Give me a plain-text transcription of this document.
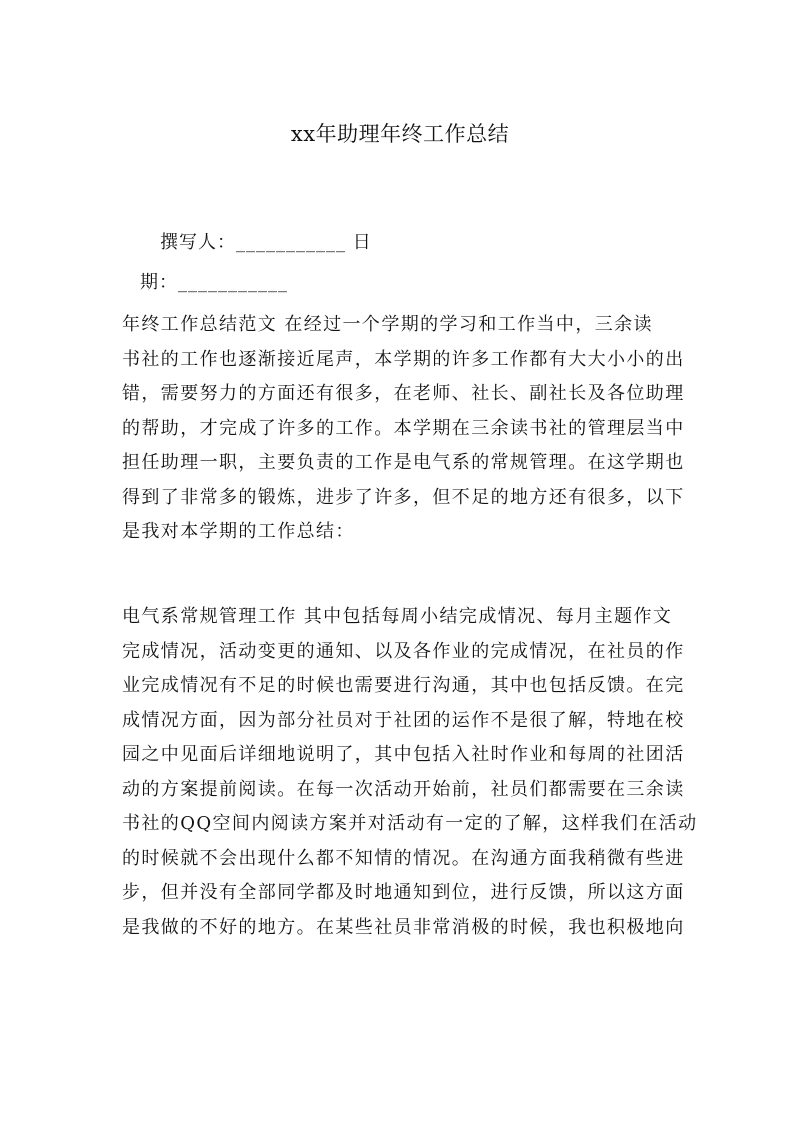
xx年助理年终工作总结
撰写人：___________ 日
期：___________
年终工作总结范文 在经过一个学期的学习和工作当中，三余读
书社的工作也逐渐接近尾声，本学期的许多工作都有大大小小的出
错，需要努力的方面还有很多，在老师、社长、副社长及各位助理
的帮助，才完成了许多的工作。本学期在三余读书社的管理层当中
担任助理一职，主要负责的工作是电气系的常规管理。在这学期也
得到了非常多的锻炼，进步了许多，但不足的地方还有很多，以下
是我对本学期的工作总结：
电气系常规管理工作 其中包括每周小结完成情况、每月主题作文
完成情况，活动变更的通知、以及各作业的完成情况，在社员的作
业完成情况有不足的时候也需要进行沟通，其中也包括反馈。在完
成情况方面，因为部分社员对于社团的运作不是很了解，特地在校
园之中见面后详细地说明了，其中包括入社时作业和每周的社团活
动的方案提前阅读。在每一次活动开始前，社员们都需要在三余读
书社的QQ空间内阅读方案并对活动有一定的了解，这样我们在活动
的时候就不会出现什么都不知情的情况。在沟通方面我稍微有些进
步，但并没有全部同学都及时地通知到位，进行反馈，所以这方面
是我做的不好的地方。在某些社员非常消极的时候，我也积极地向
